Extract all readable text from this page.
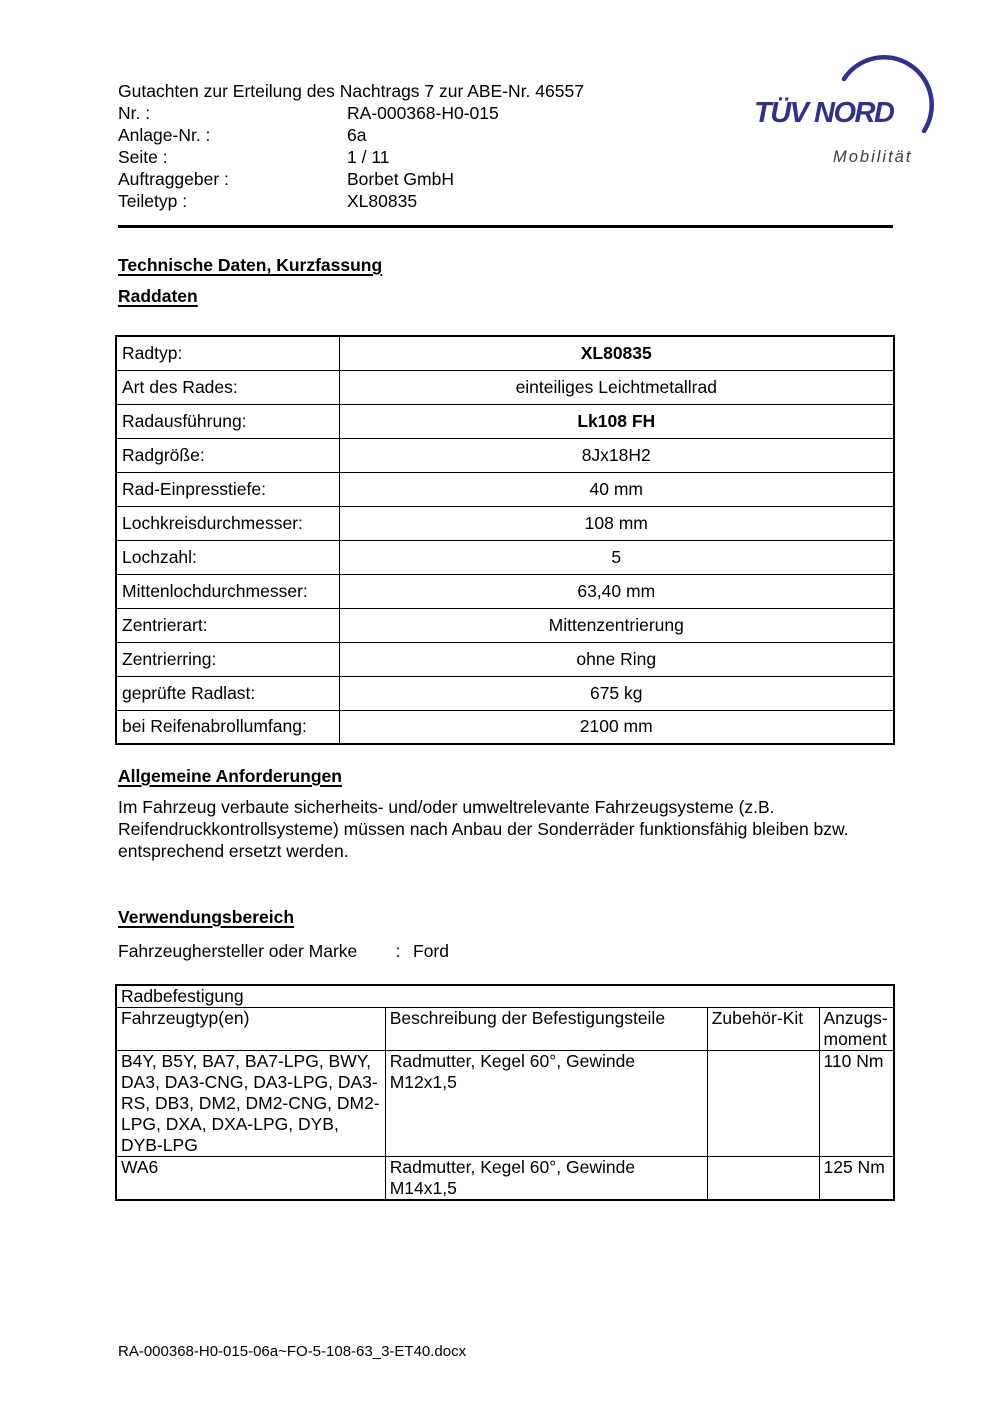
Gutachten zur Erteilung des Nachtrags 7 zur ABE-Nr. 46557
Nr. :	RA-000368-H0-015
Anlage-Nr. :	6a
Seite :	1 / 11
Auftraggeber :	Borbet GmbH
Teiletyp :	XL80835
TÜV NORD
Mobilität
Technische Daten, Kurzfassung
Raddaten
Radtyp:	XL80835
Art des Rades:	einteiliges Leichtmetallrad
Radausführung:	Lk108 FH
Radgröße:	8Jx18H2
Rad-Einpresstiefe:	40 mm
Lochkreisdurchmesser:	108 mm
Lochzahl:	5
Mittenlochdurchmesser:	63,40 mm
Zentrierart:	Mittenzentrierung
Zentrierring:	ohne Ring
geprüfte Radlast:	675 kg
bei Reifenabrollumfang:	2100 mm
Allgemeine Anforderungen

Im Fahrzeug verbaute sicherheits- und/oder umweltrelevante Fahrzeugsysteme (z.B. Reifendruckkontrollsysteme) müssen nach Anbau der Sonderräder funktionsfähig bleiben bzw. entsprechend ersetzt werden.

Verwendungsbereich
Fahrzeughersteller oder Marke	: Ford
Radbefestigung			
Fahrzeugtyp(en)	Beschreibung der Befestigungsteile	Zubehör-Kit	Anzugs-moment
B4Y, B5Y, BA7, BA7-LPG, BWY, DA3, DA3-CNG, DA3-LPG, DA3-RS, DB3, DM2, DM2-CNG, DM2-LPG, DXA, DXA-LPG, DYB, DYB-LPG	Radmutter, Kegel 60°, Gewinde M12x1,5		110 Nm
WA6	Radmutter, Kegel 60°, Gewinde M14x1,5		125 Nm
RA-000368-H0-015-06a~FO-5-108-63_3-ET40.docx
